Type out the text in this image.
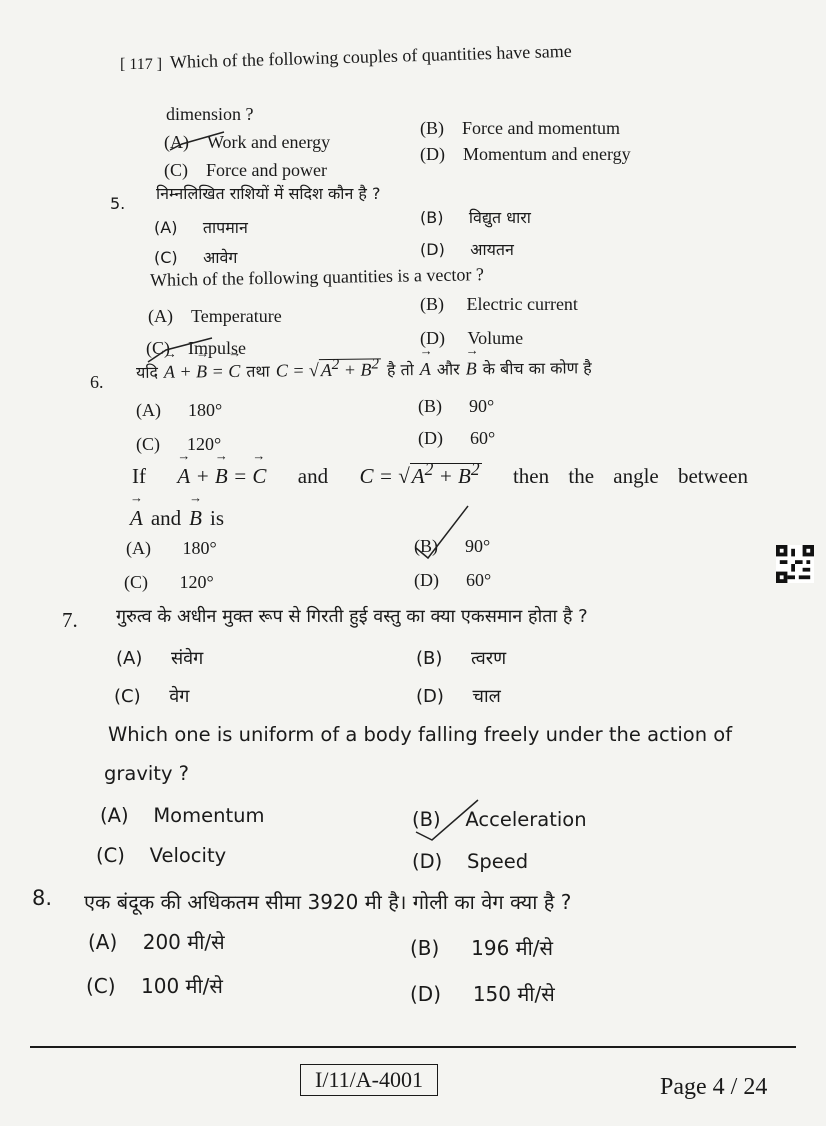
[ 117 ] Which of the following couples of quantities have same
dimension ?
(A) Work and energy
(B) Force and momentum
(C) Force and power
(D) Momentum and energy
5.
निम्नलिखित राशियों में सदिश कौन है ?
(A) तापमान
(B) विद्युत धारा
(C) आवेग	(D) आयतन
Which of the following quantities is a vector ?
(A) Temperature
(B) Electric current
(C) Impulse	(D) Volume
6. यदि → A + → B = → C तथा $C = √A^2 + B^2$ है तो → A और → B के बीच का कोण है
(A) 180°	(B) 90°
(C) 120°	(D) 60°
If → A + → B = → C and $C = √A^2 + B^2$ then the angle between
→ A and → B is
(A) 180°	(B) 90°
(C) 120°	(D) 60°
7. गुरुत्व के अधीन मुक्त रूप से गिरती हुई वस्तु का क्या एकसमान होता है ?
(A) संवेग	(B) त्वरण
(C) वेग	(D) चाल
Which one is uniform of a body falling freely under the action of
gravity ?
(A) Momentum	(B) Acceleration
(C) Velocity	(D) Speed
8. एक बंदूक की अधिकतम सीमा 3920 मी है। गोली का वेग क्या है ?
(A) 200 मी/से	(B) 196 मी/से
(C) 100 मी/से	(D) 150 मी/से
I/11/A-4001	Page 4 / 24
